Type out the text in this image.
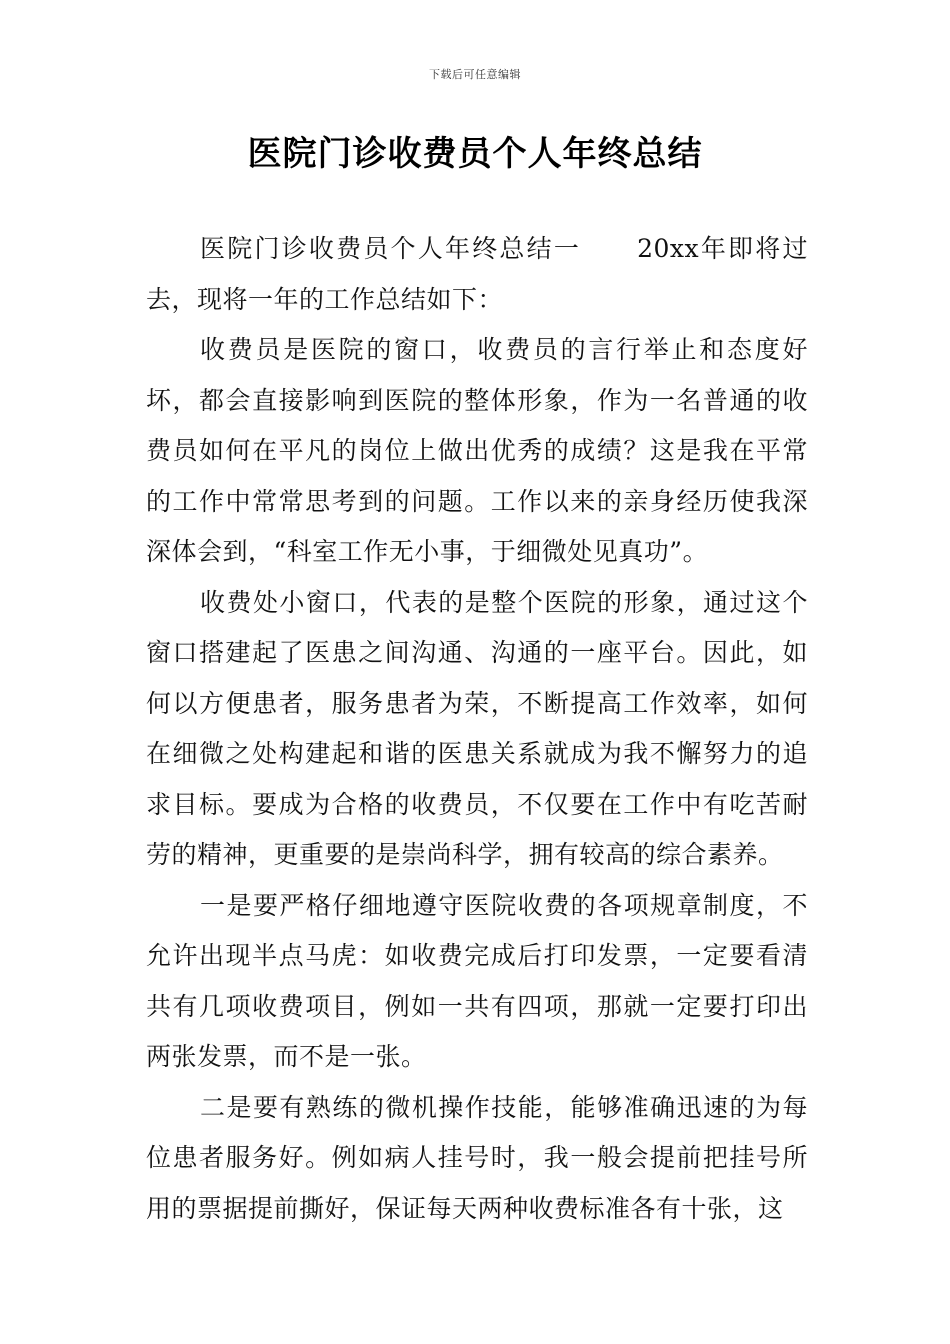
下载后可任意编辑
医院门诊收费员个人年终总结

医院门诊收费员个人年终总结一 20xx年即将过去，现将一年的工作总结如下：

收费员是医院的窗口，收费员的言行举止和态度好坏，都会直接影响到医院的整体形象，作为一名普通的收费员如何在平凡的岗位上做出优秀的成绩？这是我在平常的工作中常常思考到的问题。工作以来的亲身经历使我深深体会到，“科室工作无小事，于细微处见真功”。

收费处小窗口，代表的是整个医院的形象，通过这个窗口搭建起了医患之间沟通、沟通的一座平台。因此，如何以方便患者，服务患者为荣，不断提高工作效率，如何在细微之处构建起和谐的医患关系就成为我不懈努力的追求目标。要成为合格的收费员，不仅要在工作中有吃苦耐劳的精神，更重要的是崇尚科学，拥有较高的综合素养。

一是要严格仔细地遵守医院收费的各项规章制度，不允许出现半点马虎：如收费完成后打印发票，一定要看清共有几项收费项目，例如一共有四项，那就一定要打印出两张发票，而不是一张。

二是要有熟练的微机操作技能，能够准确迅速的为每位患者服务好。例如病人挂号时，我一般会提前把挂号所用的票据提前撕好，保证每天两种收费标准各有十张，这
